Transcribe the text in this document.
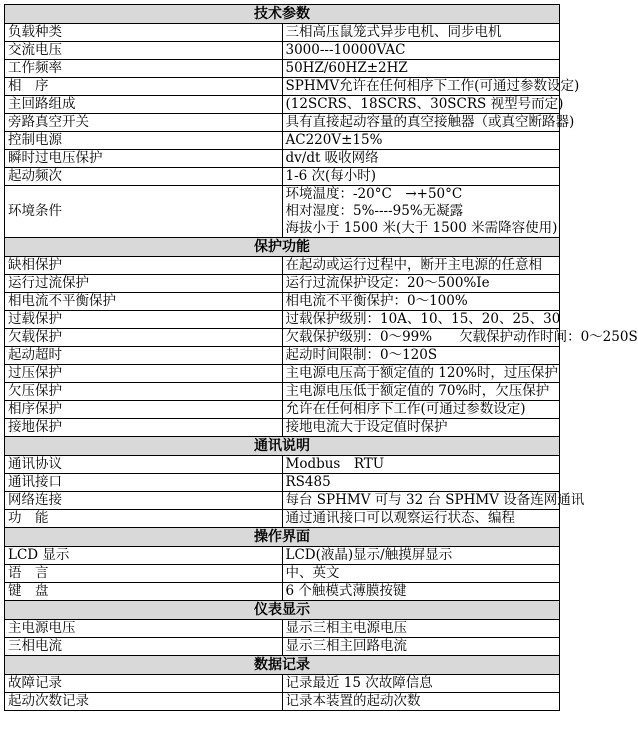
技术参数	
负载种类	三相高压鼠笼式异步电机、同步电机
交流电压	3000---10000VAC
工作频率	50HZ/60HZ±2HZ
相　序	SPHMV允许在任何相序下工作(可通过参数设定)
主回路组成	(12SCRS、18SCRS、30SCRS 视型号而定)
旁路真空开关	具有直接起动容量的真空接触器（或真空断路器)
控制电源	AC220V±15%
瞬时过电压保护	dv/dt 吸收网络
起动频次	1-6 次(每小时)
环境条件	环境温度：-20°C　→+50°C
	相对湿度：5%----95%无凝露
	海拔小于 1500 米(大于 1500 米需降容使用)
保护功能	
缺相保护	在起动或运行过程中，断开主电源的任意相
运行过流保护	运行过流保护设定：20～500%Ie
相电流不平衡保护	相电流不平衡保护：0～100%
过载保护	过载保护级别：10A、10、15、20、25、30
欠载保护	欠载保护级别：0～99%　　欠载保护动作时间：0～250S
起动超时	起动时间限制：0～120S
过压保护	主电源电压高于额定值的 120%时，过压保护
欠压保护	主电源电压低于额定值的 70%时，欠压保护
相序保护	允许在任何相序下工作(可通过参数设定)
接地保护	接地电流大于设定值时保护
通讯说明	
通讯协议	Modbus　RTU
通讯接口	RS485
网络连接	每台 SPHMV 可与 32 台 SPHMV 设备连网通讯
功　能	通过通讯接口可以观察运行状态、编程
操作界面	
LCD 显示	LCD(液晶)显示/触摸屏显示
语　言	中、英文
键　盘	6 个触模式薄膜按键
仪表显示	
主电源电压	显示三相主电源电压
三相电流	显示三相主回路电流
数据记录	
故障记录	记录最近 15 次故障信息
起动次数记录	记录本装置的起动次数
